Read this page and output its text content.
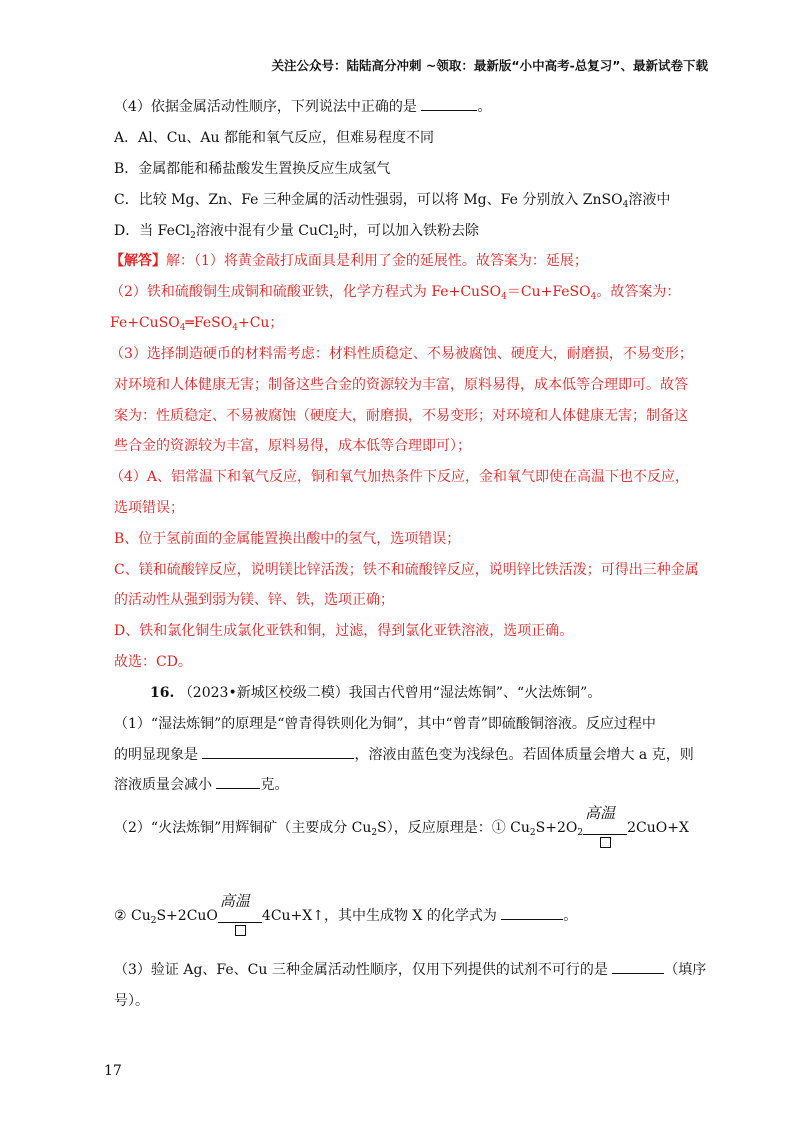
关注公众号：陆陆高分冲刺 ~领取：最新版“小中高考-总复习”、最新试卷下载
（4）依据金属活动性顺序，下列说法中正确的是	。
A．Al、Cu、Au 都能和氧气反应，但难易程度不同
B．金属都能和稀盐酸发生置换反应生成氢气
C．比较 Mg、Zn、Fe 三种金属的活动性强弱，可以将 Mg、Fe 分别放入 ZnSO$_4$溶液中
D．当 FeCl$_2$溶液中混有少量 CuCl$_2$时，可以加入铁粉去除
【解答】解：（1）将黄金敲打成面具是利用了金的延展性。故答案为：延展；
（2）铁和硫酸铜生成铜和硫酸亚铁，化学方程式为 Fe+CuSO$_4$＝Cu+FeSO$_4$。故答案为：
Fe+CuSO$_4$═FeSO$_4$+Cu；
（3）选择制造硬币的材料需考虑：材料性质稳定、不易被腐蚀、硬度大，耐磨损，不易变形；
对环境和人体健康无害；制备这些合金的资源较为丰富，原料易得，成本低等合理即可。故答
案为：性质稳定、不易被腐蚀（硬度大，耐磨损，不易变形；对环境和人体健康无害；制备这
些合金的资源较为丰富，原料易得，成本低等合理即可）；
（4）A、铝常温下和氧气反应，铜和氧气加热条件下反应，金和氧气即使在高温下也不反应，
选项错误；
B、位于氢前面的金属能置换出酸中的氢气，选项错误；
C、镁和硫酸锌反应，说明镁比锌活泼；铁不和硫酸锌反应，说明锌比铁活泼；可得出三种金属
的活动性从强到弱为镁、锌、铁，选项正确；
D、铁和氯化铜生成氯化亚铁和铜，过滤，得到氯化亚铁溶液，选项正确。
故选：CD。
16. （2023•新城区校级二模）我国古代曾用“湿法炼铜”、“火法炼铜”。
（1）“湿法炼铜”的原理是“曾青得铁则化为铜”，其中“曾青”即硫酸铜溶液。反应过程中
的明显现象是	，溶液由蓝色变为浅绿色。若固体质量会增大 a 克，则
溶液质量会减小	克。
（2）“火法炼铜”用辉铜矿（主要成分 $Cu_2S$），反应原理是：① $Cu_2S+2O_2$
高温
2CuO+X
② $Cu_2S+2CuO$
高温
4Cu+X↑，其中生成物 X 的化学式为	。
（3）验证 Ag、Fe、Cu 三种金属活动性顺序，仅用下列提供的试剂不可行的是	（填序
号）。
17
